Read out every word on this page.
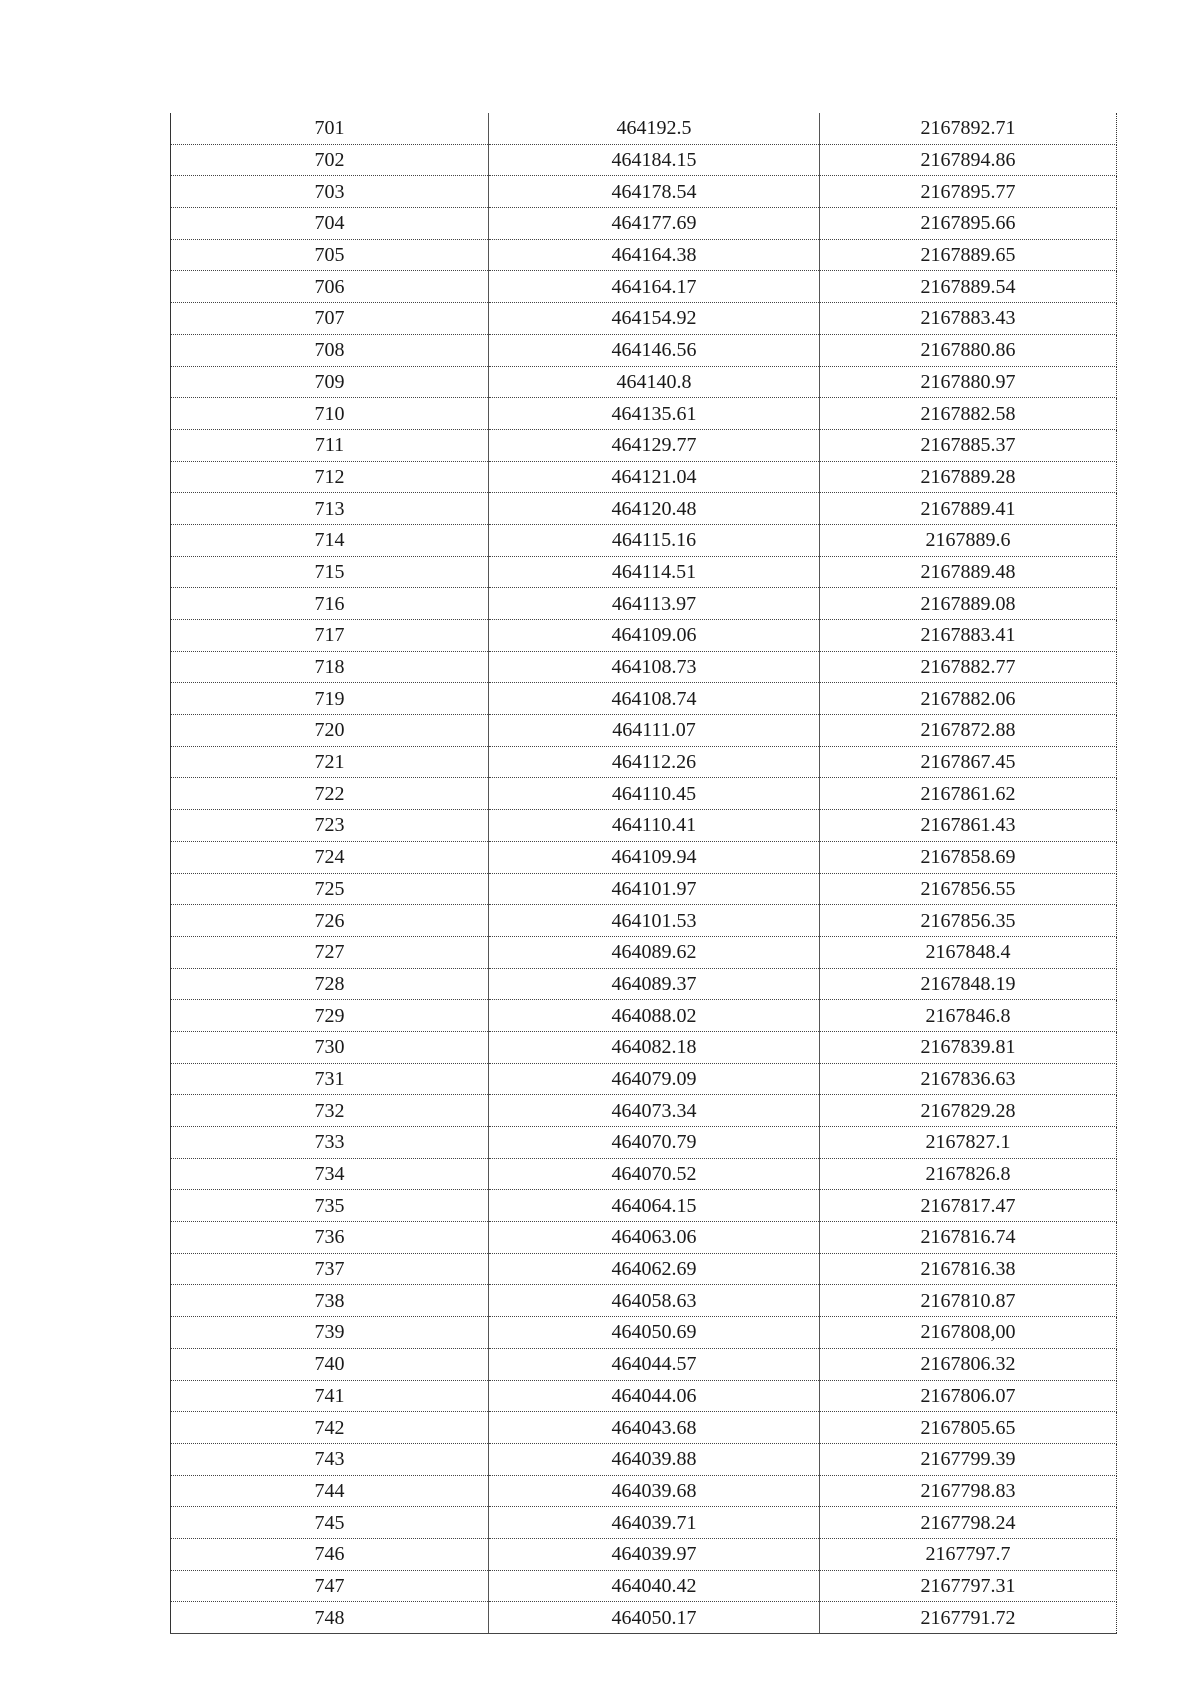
701	464192.5	2167892.71
702	464184.15	2167894.86
703	464178.54	2167895.77
704	464177.69	2167895.66
705	464164.38	2167889.65
706	464164.17	2167889.54
707	464154.92	2167883.43
708	464146.56	2167880.86
709	464140.8	2167880.97
710	464135.61	2167882.58
711	464129.77	2167885.37
712	464121.04	2167889.28
713	464120.48	2167889.41
714	464115.16	2167889.6
715	464114.51	2167889.48
716	464113.97	2167889.08
717	464109.06	2167883.41
718	464108.73	2167882.77
719	464108.74	2167882.06
720	464111.07	2167872.88
721	464112.26	2167867.45
722	464110.45	2167861.62
723	464110.41	2167861.43
724	464109.94	2167858.69
725	464101.97	2167856.55
726	464101.53	2167856.35
727	464089.62	2167848.4
728	464089.37	2167848.19
729	464088.02	2167846.8
730	464082.18	2167839.81
731	464079.09	2167836.63
732	464073.34	2167829.28
733	464070.79	2167827.1
734	464070.52	2167826.8
735	464064.15	2167817.47
736	464063.06	2167816.74
737	464062.69	2167816.38
738	464058.63	2167810.87
739	464050.69	2167808,00
740	464044.57	2167806.32
741	464044.06	2167806.07
742	464043.68	2167805.65
743	464039.88	2167799.39
744	464039.68	2167798.83
745	464039.71	2167798.24
746	464039.97	2167797.7
747	464040.42	2167797.31
748	464050.17	2167791.72
